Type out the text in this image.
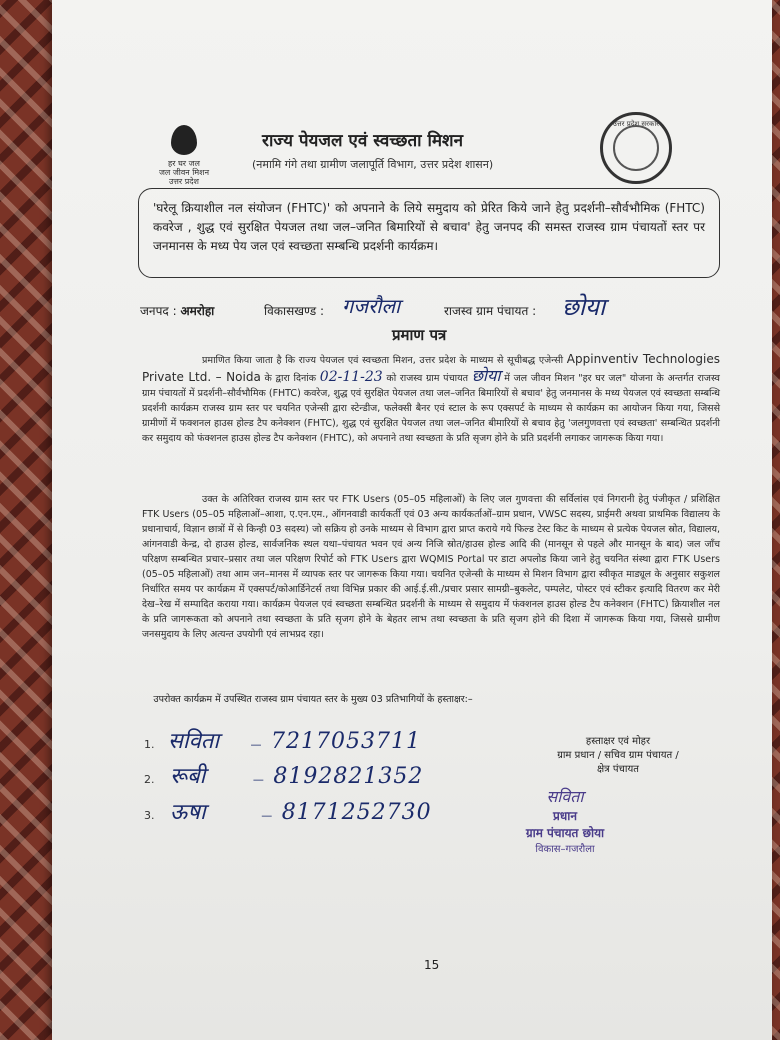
हर घर जल
जल जीवन मिशन
उत्तर प्रदेश
उत्तर प्रदेश सरकार
राज्य पेयजल एवं स्वच्छता मिशन
(नमामि गंगे तथा ग्रामीण जलापूर्ति विभाग, उत्तर प्रदेश शासन)
'घरेलू क्रियाशील नल संयोजन (FHTC)' को अपनाने के लिये समुदाय को प्रेरित किये जाने हेतु प्रदर्शनी–सौर्वभौमिक (FHTC) कवरेज , शुद्ध एवं सुरक्षित पेयजल तथा जल–जनित बिमारियों से बचाव' हेतु जनपद की समस्त राजस्व ग्राम पंचायतों स्तर पर जनमानस के मध्य पेय जल एवं स्वच्छता सम्बन्धि प्रदर्शनी कार्यक्रम।
जनपद : अमरोहा	विकासखण्ड : गजरौला	राजस्व ग्राम पंचायत : छोया
प्रमाण पत्र
प्रमाणित किया जाता है कि राज्य पेयजल एवं स्वच्छता मिशन, उत्तर प्रदेश के माध्यम से सूचीबद्ध एजेन्सी Appinventiv Technologies Private Ltd. – Noida के द्वारा दिनांक 02-11-23 को राजस्व ग्राम पंचायत छोया में जल जीवन मिशन "हर घर जल" योजना के अन्तर्गत राजस्व ग्राम पंचायतों में प्रदर्शनी–सौर्वभौमिक (FHTC) कवरेज, शुद्ध एवं सुरक्षित पेयजल तथा जल–जनित बिमारियों से बचाव' हेतु जनमानस के मध्य पेयजल एवं स्वच्छता सम्बन्धि प्रदर्शनी कार्यक्रम राजस्व ग्राम स्तर पर चयनित एजेन्सी द्वारा स्टेन्डीज, फलेक्सी बैनर एवं स्टाल के रूप एक्सपर्ट के माध्यम से कार्यक्रम का आयोजन किया गया, जिससे ग्रामीणों में फक्शनल हाउस होल्ड टैप कनेक्शन (FHTC), शुद्ध एवं सुरक्षित पेयजल तथा जल–जनित बीमारियों से बचाव हेतु 'जलगुणवत्ता एवं स्वच्छता' सम्बन्धित प्रदर्शनी कर समुदाय को फंक्शनल हाउस होल्ड टैप कनेक्शन (FHTC), को अपनाने तथा स्वच्छता के प्रति सृजग होने के प्रति प्रदर्शनी लगाकर जागरूक किया गया।
उक्त के अतिरिक्त राजस्व ग्राम स्तर पर FTK Users (05–05 महिलाओं) के लिए जल गुणवत्ता की सर्विलांस एवं निगरानी हेतु पंजीकृत / प्रशिक्षित FTK Users (05–05 महिलाओं–आशा, ए.एन.एम., ऑगनवाडी कार्यकर्ती एवं 03 अन्य कार्यकर्ताओं–ग्राम प्रधान, VWSC सदस्य, प्राईमरी अथवा प्राथमिक विद्यालय के प्रधानाचार्य, विज्ञान छात्रों में से किन्ही 03 सदस्य) जो सक्रिय हो उनके माध्यम से विभाग द्वारा प्राप्त कराये गये फिल्ड टेस्ट किट के माध्यम से प्रत्येक पेयजल स्रोत, विद्यालय, आंगनवाडी केन्द्र, दो हाउस होल्ड, सार्वजनिक स्थल यथा–पंचायत भवन एवं अन्य निजि स्रोत/हाउस होल्ड आदि की (मानसून से पहले और मानसून के बाद) जल जाँच परिक्षण सम्बन्धित प्रचार–प्रसार तथा जल परिक्षण रिपोर्ट को FTK Users द्वारा WQMIS Portal पर डाटा अपलोड किया जाने हेतु चयनित संस्था द्वारा FTK Users (05–05 महिलाओं) तथा आम जन–मानस में व्यापक स्तर पर जागरूक किया गया। चयनित एजेन्सी के माध्यम से मिशन विभाग द्वारा स्वीकृत माड्यूल के अनुसार सकुशल निर्धारित समय पर कार्यक्रम में एक्सपर्ट/कोआर्डिनेटर्स तथा विभिन्न प्रकार की आई.ई.सी./प्रचार प्रसार सामग्री–बुकलेट, पम्पलेट, पोस्टर एवं स्टीकर इत्यादि वितरण कर मेरी देख–रेख में सम्पादित कराया गया। कार्यक्रम पेयजल एवं स्वच्छता सम्बन्धित प्रदर्शनी के माध्यम से समुदाय में फंक्शनल हाउस होल्ड टैप कनेक्शन (FHTC) क्रियाशील नल के प्रति जागरूकता को अपनाने तथा स्वच्छता के प्रति सृजग होने के बेहतर लाभ तथा स्वच्छता के प्रति सृजग होने की दिशा में जागरूक किया गया, जिससे ग्रामीण जनसमुदाय के लिए अत्यन्त उपयोगी एवं लाभप्रद रहा।
उपरोक्त कार्यक्रम में उपस्थित राजस्व ग्राम पंचायत स्तर के मुख्य 03 प्रतिभागियों के हस्ताक्षर:–
1. सविता	— 7217053711
2. रूबी	— 8192821352
3. ऊषा	— 8171252730
हस्ताक्षर एवं मोहर
ग्राम प्रधान / सचिव ग्राम पंचायत /
क्षेत्र पंचायत
सविता
प्रधान
ग्राम पंचायत छोया
विकास–गजरौला
15
